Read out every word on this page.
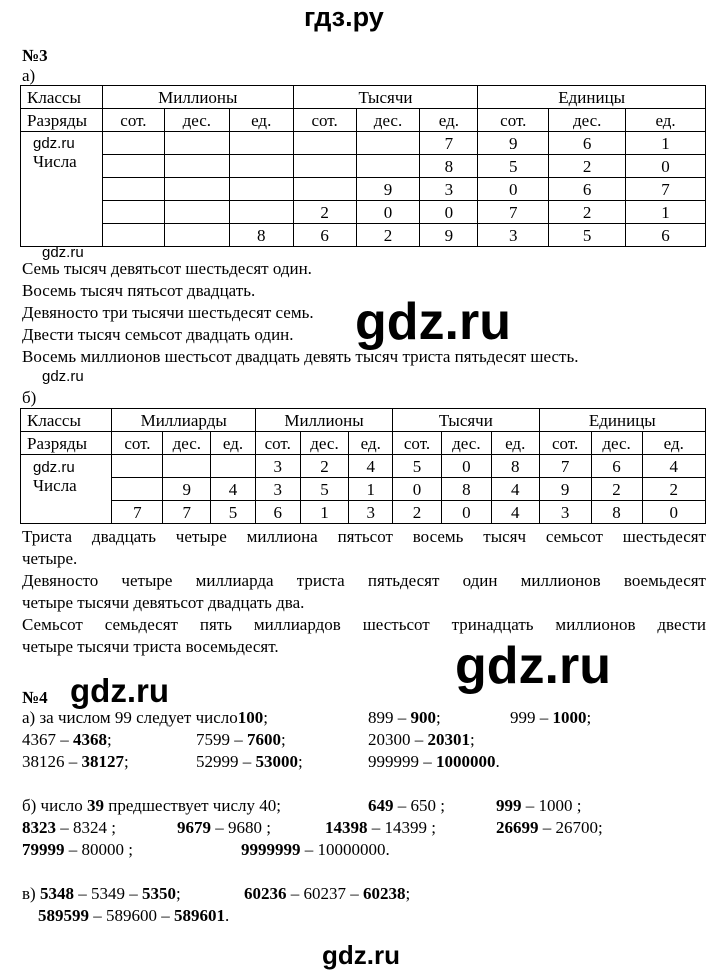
гдз.ру
№3
а)
Классы	Миллионы			Тысячи			Единицы		
Разряды	сот.	дес.	ед.	сот.	дес.	ед.	сот.	дес.	ед.

gdz.ru
Числа						7	9	6	1
						8	5	2	0
					9	3	0	6	7
				2	0	0	7	2	1
			8	6	2	9	3	5	6
gdz.ru
Семь тысяч девятьсот шестьдесят один.
Восемь тысяч пятьсот двадцать.
Девяносто три тысячи шестьдесят семь.
Двести тысяч семьсот двадцать один.
Восемь миллионов шестьсот двадцать девять тысяч триста пятьдесят шесть.
gdz.ru
gdz.ru
б)
Классы	Миллиарды			Миллионы			Тысячи			Единицы		
Разряды	сот.	дес.	ед.	сот.	дес.	ед.	сот.	дес.	ед.	сот.	дес.	ед.

gdz.ru
Числа				3	2	4	5	0	8	7	6	4
		9	4	3	5	1	0	8	4	9	2	2
	7	7	5	6	1	3	2	0	4	3	8	0
Триста двадцать четыре миллиона пятьсот восемь тысяч семьсот шестьдесят
четыре.
Девяносто четыре миллиарда триста пятьдесят один миллионов воемьдесят
четыре тысячи девятьсот двадцать два.
Семьсот семьдесят пять миллиардов шестьсот тринадцать миллионов двести
четыре тысячи триста восемьдесят.	gdz.ru
№4 gdz.ru
а) за числом 99 следует число100;	899 – 900;	999 – 1000;
4367 – 4368;	7599 – 7600;	20300 – 20301;
38126 – 38127;	52999 – 53000;	999999 – 1000000.
б) число 39 предшествует числу 40;	649 – 650 ;	999 – 1000 ;
8323 – 8324 ;	9679 – 9680 ;	14398 – 14399 ;	26699 – 26700;
79999 – 80000 ;	9999999 – 10000000.
в) 5348 – 5349 – 5350;	60236 – 60237 – 60238;
589599 – 589600 – 589601.
gdz.ru
